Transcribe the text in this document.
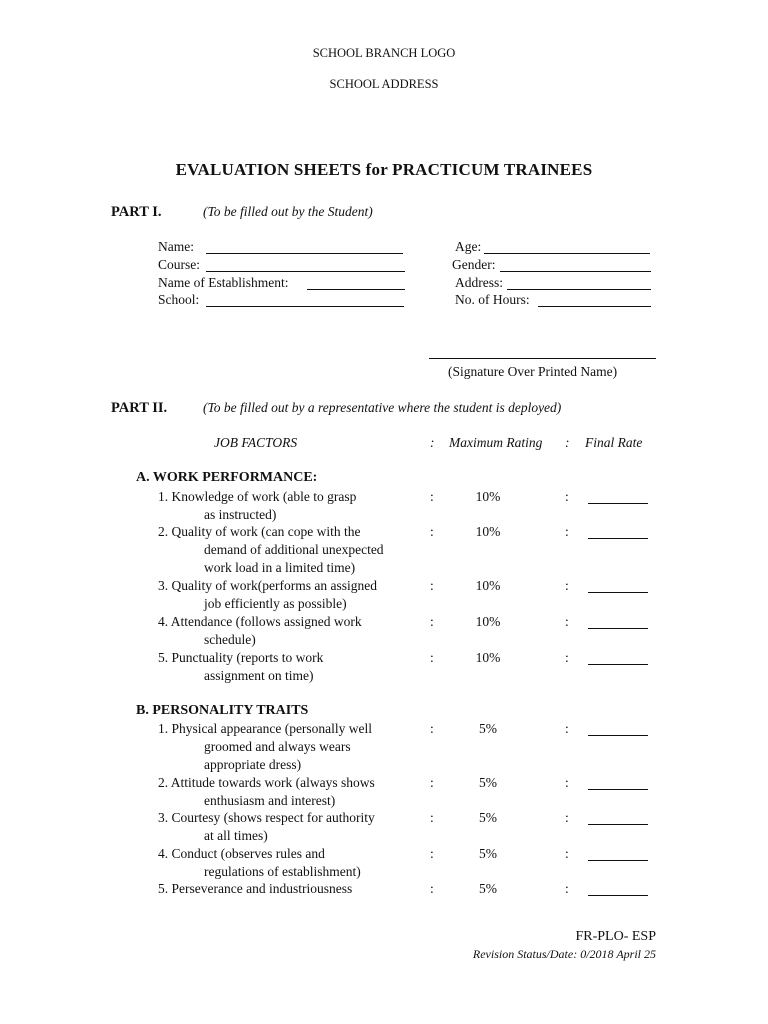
SCHOOL BRANCH LOGO
SCHOOL ADDRESS
EVALUATION SHEETS for PRACTICUM TRAINEES
PART I.	(To be filled out by the Student)
Name:
Course:
Name of Establishment:
School:
Age:
Gender:
Address:
No. of Hours:
(Signature Over Printed Name)
PART II.	(To be filled out by a representative where the student is deployed)
JOB FACTORS	: Maximum Rating : Final Rate
A. WORK PERFORMANCE:
1. Knowledge of work (able to grasp
as instructed)
:	10%	:
2. Quality of work (can cope with the
demand of additional unexpected
work load in a limited time)
:	10%	:
3. Quality of work(performs an assigned
job efficiently as possible)
:	10%	:
4. Attendance (follows assigned work
schedule)
:	10%	:
5. Punctuality (reports to work
assignment on time)
:	10%	:
B. PERSONALITY TRAITS
1. Physical appearance (personally well
groomed and always wears
appropriate dress)
:	5%	:
2. Attitude towards work (always shows
enthusiasm and interest)
:	5%	:
3. Courtesy (shows respect for authority
at all times)
:	5%	:
4. Conduct (observes rules and
regulations of establishment)
:	5%	:
5. Perseverance and industriousness	:	5%	:
FR-PLO- ESP
Revision Status/Date: 0/2018 April 25
